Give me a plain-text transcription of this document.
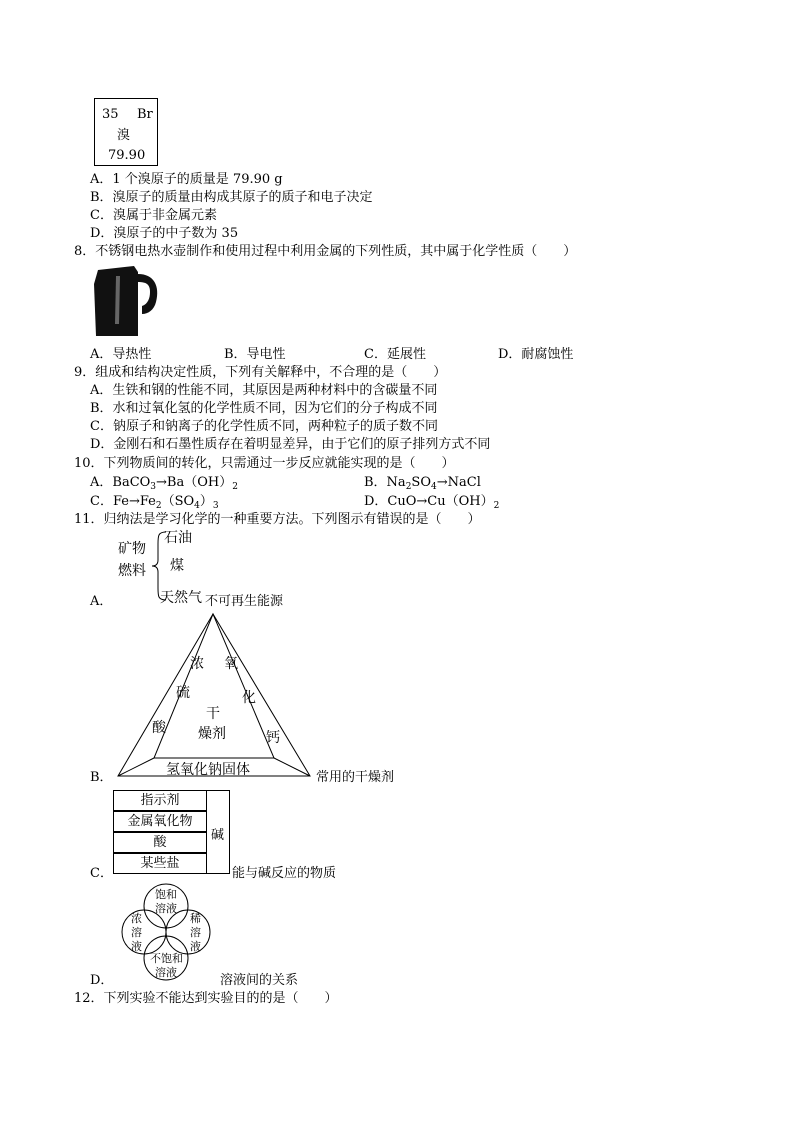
35 Br
溴
79.90
A．1 个溴原子的质量是 79.90 g
B．溴原子的质量由构成其原子的质子和电子决定
C．溴属于非金属元素
D．溴原子的中子数为 35
8．不锈钢电热水壶制作和使用过程中利用金属的下列性质，其中属于化学性质（　　）
A．导热性	B．导电性	C．延展性	D．耐腐蚀性
9．组成和结构决定性质，下列有关解释中，不合理的是（　　）
A．生铁和钢的性能不同，其原因是两种材料中的含碳量不同
B．水和过氧化氢的化学性质不同，因为它们的分子构成不同
C．钠原子和钠离子的化学性质不同，两种粒子的质子数不同
D．金刚石和石墨性质存在着明显差异，由于它们的原子排列方式不同
10．下列物质间的转化，只需通过一步反应就能实现的是（　　）
A．$BaCO_3\to Ba(OH)_2$	B．$Na_2SO_4\to NaCl$
C．$Fe\to Fe_2(SO_4)_3$	D．$CuO\to Cu(OH)_2$
11．归纳法是学习化学的一种重要方法。下列图示有错误的是（　　）
矿物
燃料
石油
煤
天然气
A．	不可再生能源
浓
硫
酸
氧
化
钙
干
燥剂
氢氧化钠固体
B．	常用的干燥剂
指示剂
金属氧化物
酸
某些盐
碱
C．	能与碱反应的物质
饱和
溶液
浓
溶
液
稀
溶
液
不饱和
溶液
D．	溶液间的关系
12．下列实验不能达到实验目的的是（　　）
